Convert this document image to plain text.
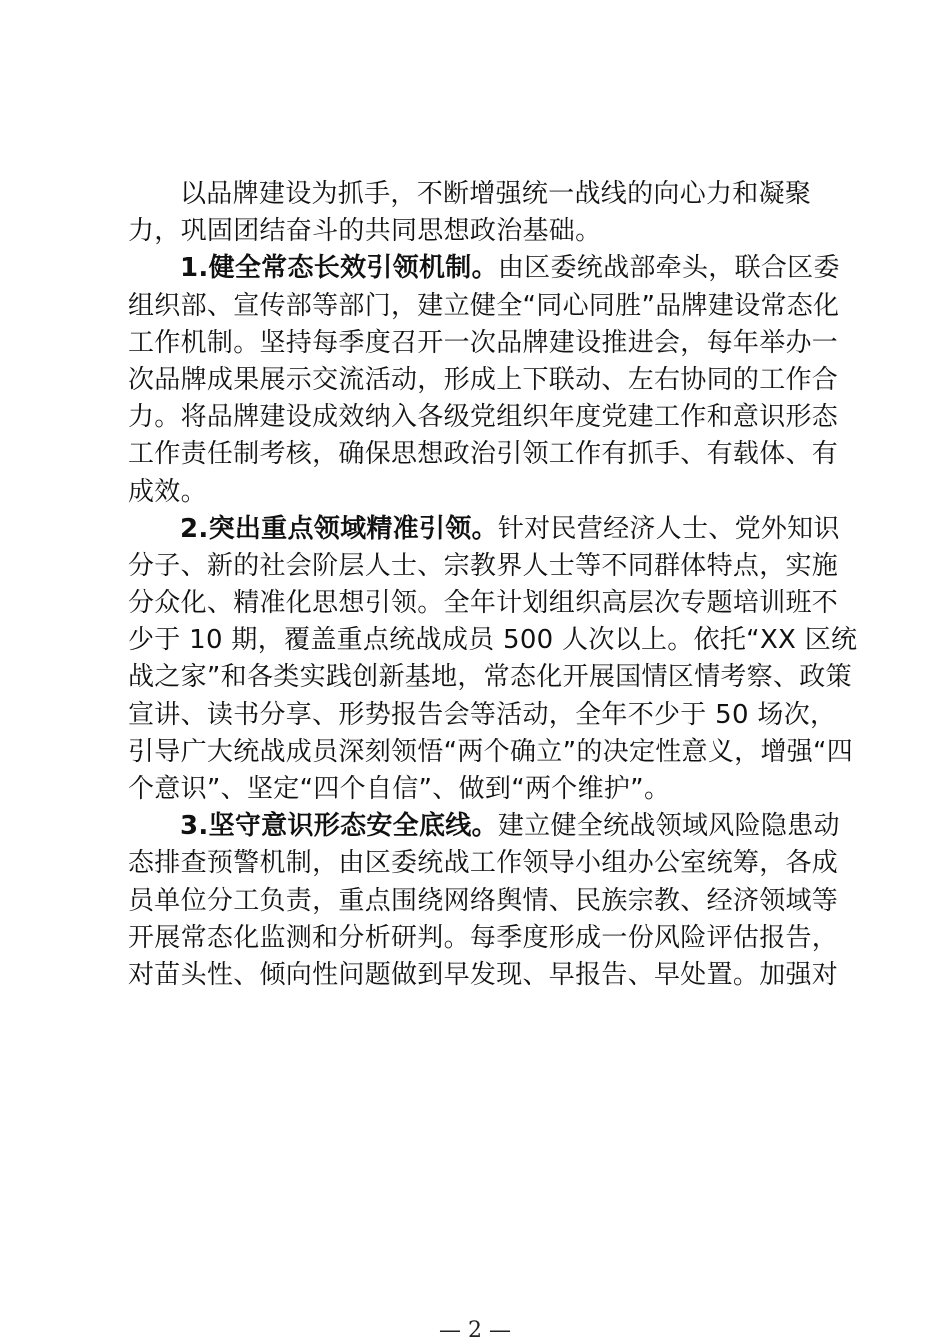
以品牌建设为抓手，不断增强统一战线的向心力和凝聚
力，巩固团结奋斗的共同思想政治基础。
1.健全常态长效引领机制。由区委统战部牵头，联合区委
组织部、宣传部等部门，建立健全“同心同胜”品牌建设常态化
工作机制。坚持每季度召开一次品牌建设推进会，每年举办一
次品牌成果展示交流活动，形成上下联动、左右协同的工作合
力。将品牌建设成效纳入各级党组织年度党建工作和意识形态
工作责任制考核，确保思想政治引领工作有抓手、有载体、有
成效。
2.突出重点领域精准引领。针对民营经济人士、党外知识
分子、新的社会阶层人士、宗教界人士等不同群体特点，实施
分众化、精准化思想引领。全年计划组织高层次专题培训班不
少于 10 期，覆盖重点统战成员 500 人次以上。依托“XX 区统
战之家”和各类实践创新基地，常态化开展国情区情考察、政策
宣讲、读书分享、形势报告会等活动，全年不少于 50 场次，
引导广大统战成员深刻领悟“两个确立”的决定性意义，增强“四
个意识”、坚定“四个自信”、做到“两个维护”。
3.坚守意识形态安全底线。建立健全统战领域风险隐患动
态排查预警机制，由区委统战工作领导小组办公室统筹，各成
员单位分工负责，重点围绕网络舆情、民族宗教、经济领域等
开展常态化监测和分析研判。每季度形成一份风险评估报告，
对苗头性、倾向性问题做到早发现、早报告、早处置。加强对
— 2 —
